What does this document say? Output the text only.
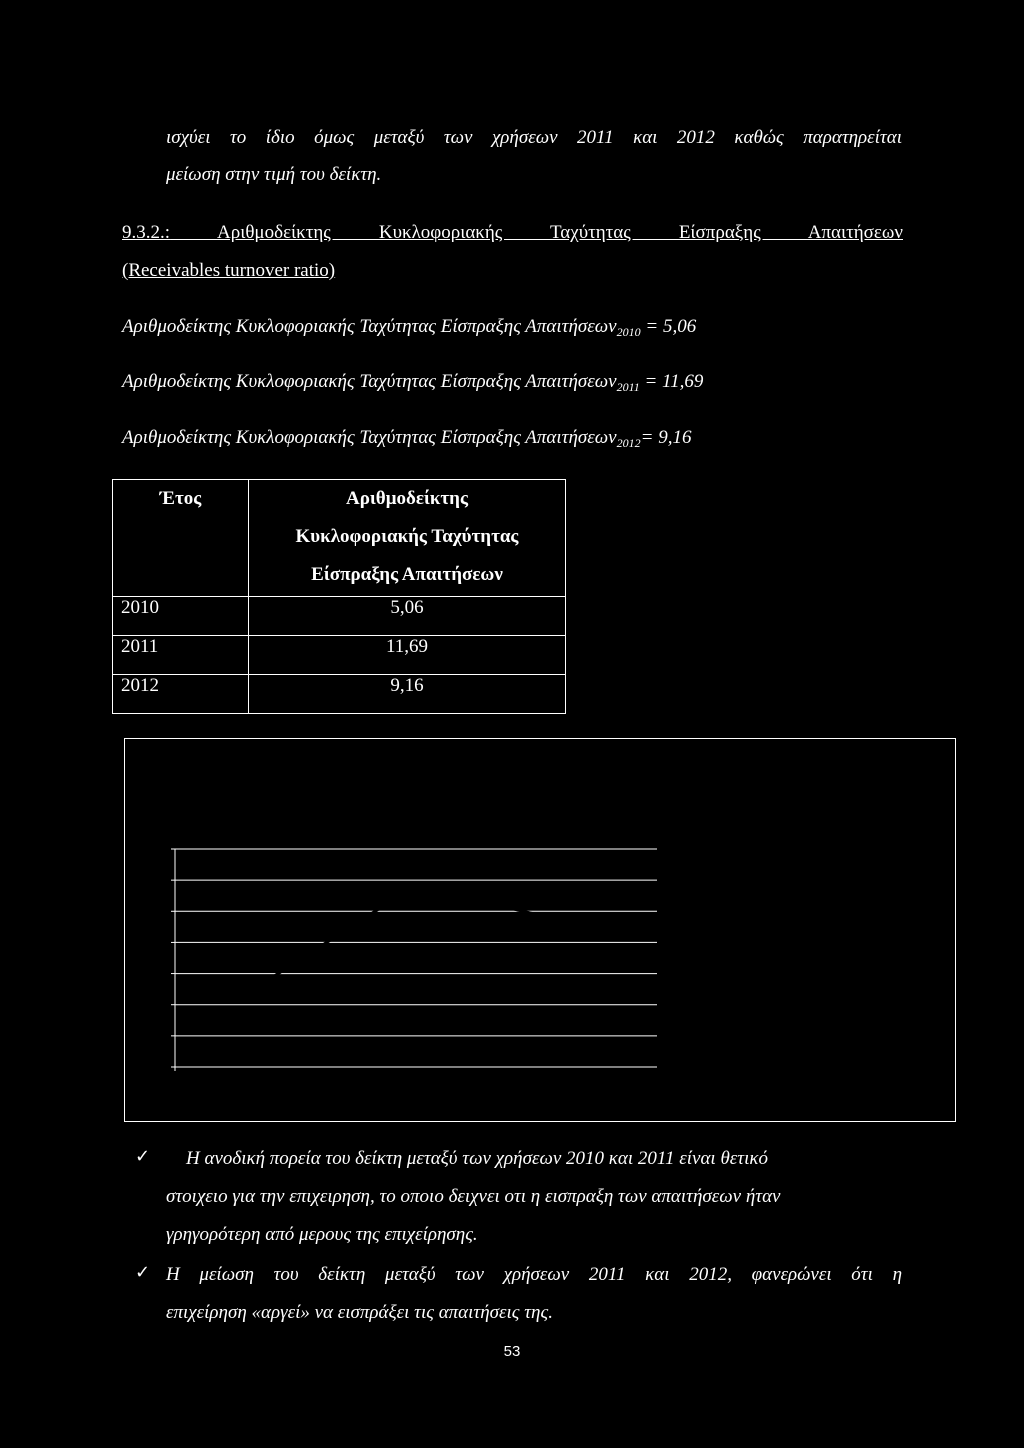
ισχύει το ίδιο όμως μεταξύ των χρήσεων 2011 και 2012 καθώς παρατηρείται
μείωση στην τιμή του δείκτη.
9.3.2.: Αριθμοδείκτης Κυκλοφοριακής Ταχύτητας Είσπραξης Απαιτήσεων
(Receivables turnover ratio)
Αριθμοδείκτης Κυκλοφοριακής Ταχύτητας Είσπραξης Απαιτήσεων$_{2010}$ = 5,06
Αριθμοδείκτης Κυκλοφοριακής Ταχύτητας Είσπραξης Απαιτήσεων$_{2011}$ = 11,69
Αριθμοδείκτης Κυκλοφοριακής Ταχύτητας Είσπραξης Απαιτήσεων$_{2012}$= 9,16
Έτος	Αριθμοδείκτης
Κυκλοφοριακής Ταχύτητας
Είσπραξης Απαιτήσεων

2010	5,06
2011	11,69
2012	9,16
✓ Η ανοδική πορεία του δείκτη μεταξύ των χρήσεων 2010 και 2011 είναι θετικό
στοιχειο για την επιχειρηση, το οποιο δειχνει οτι η εισπραξη των απαιτήσεων ήταν
γρηγορότερη από μερους της επιχείρησης.
✓ Η μείωση του δείκτη μεταξύ των χρήσεων 2011 και 2012, φανερώνει ότι η
επιχείρηση «αργεί» να εισπράξει τις απαιτήσεις της.
53
